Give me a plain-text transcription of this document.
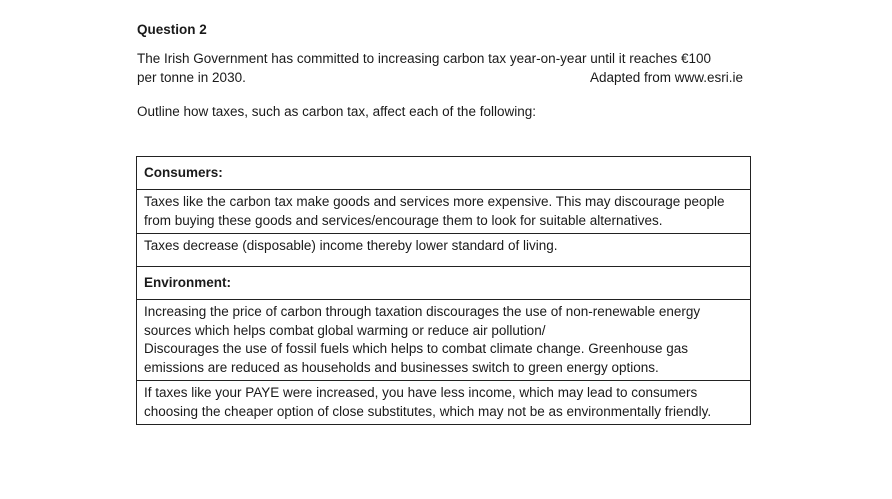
Question 2
The Irish Government has committed to increasing carbon tax year-on-year until it reaches €100
per tonne in 2030.	Adapted from www.esri.ie
Outline how taxes, such as carbon tax, affect each of the following:
Consumers:
Taxes like the carbon tax make goods and services more expensive. This may discourage people from buying these goods and services/encourage them to look for suitable alternatives.
Taxes decrease (disposable) income thereby lower standard of living.
Environment:

Increasing the price of carbon through taxation discourages the use of non-renewable energy sources which helps combat global warming or reduce air pollution/
Discourages the use of fossil fuels which helps to combat climate change. Greenhouse gas emissions are reduced as households and businesses switch to green energy options.

If taxes like your PAYE were increased, you have less income, which may lead to consumers choosing the cheaper option of close substitutes, which may not be as environmentally friendly.
